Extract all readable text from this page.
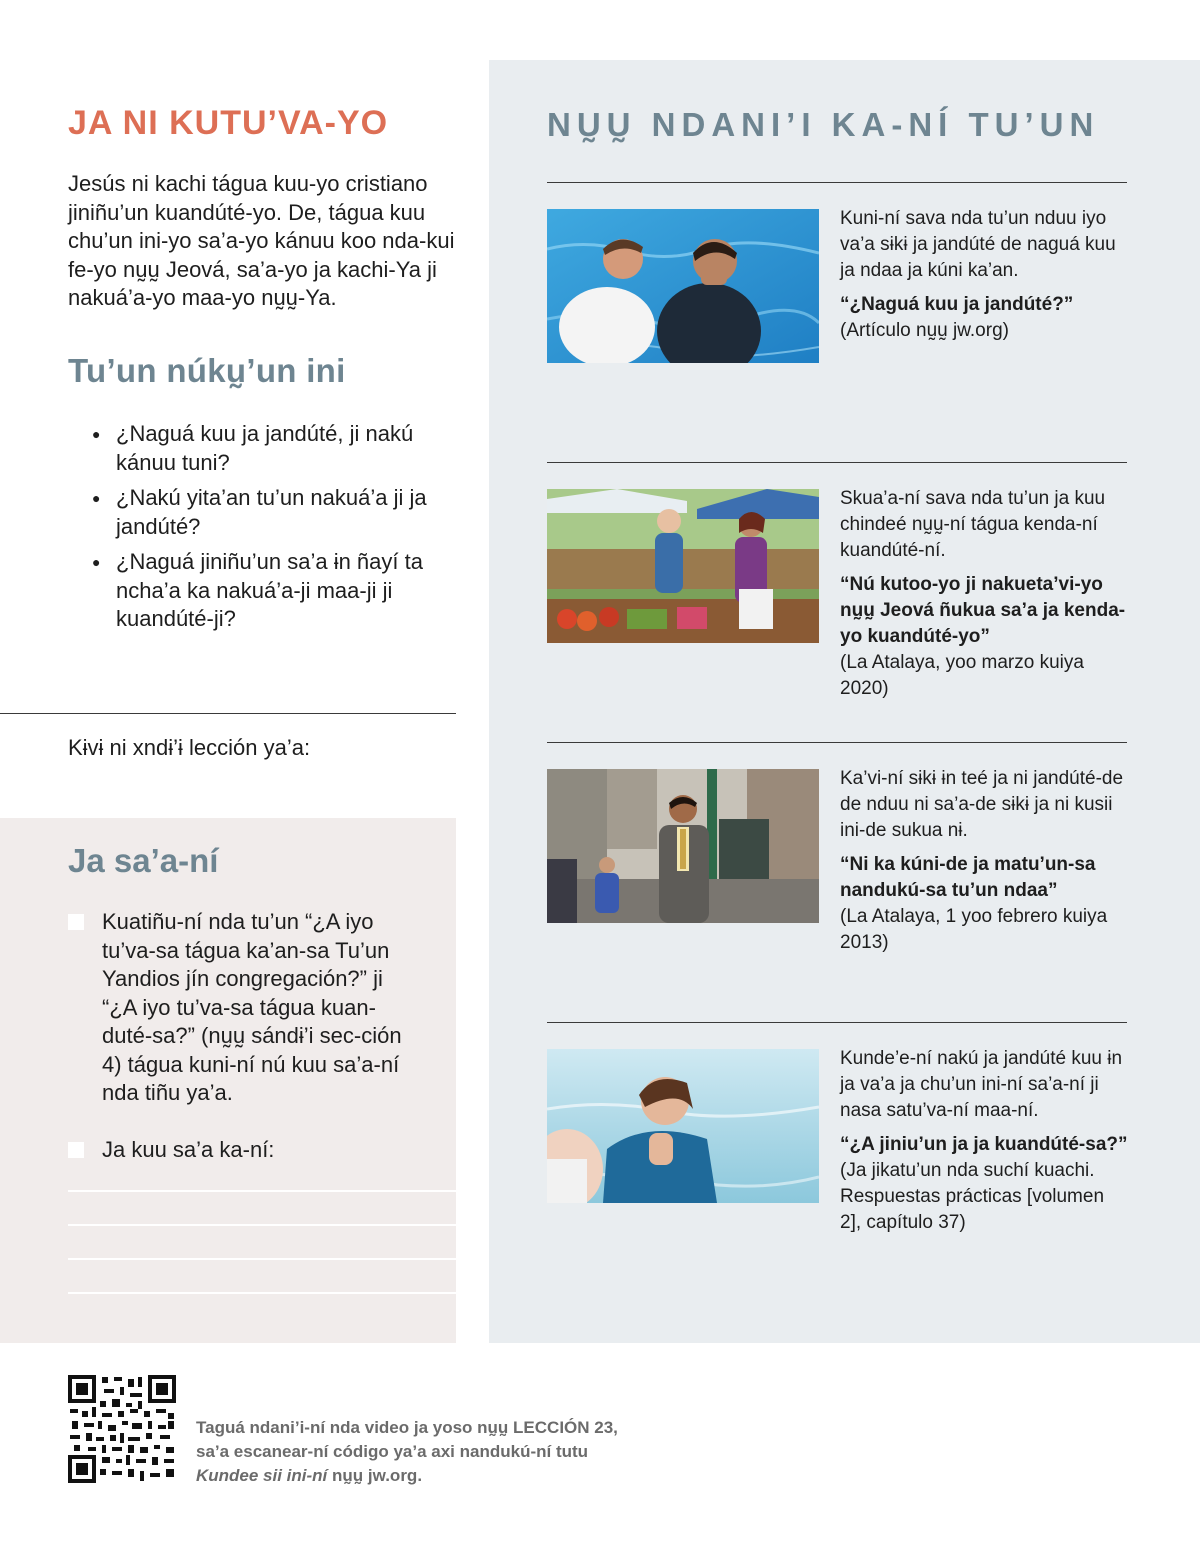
JA NI KUTU’VA-YO
Jesús ni kachi tágua kuu-yo cristiano jiniñu’un kuandúté-yo. De, tágua kuu chu’un ini-yo sa’a-yo kánuu koo nda-kui fe-yo nṵṵ Jeová, sa’a-yo ja kachi-Ya ji nakuá’a-yo maa-yo nṵṵ-Ya.
Tu’un núkṵ’un ini
● ¿Naguá kuu ja jandúté, ji nakú kánuu tuni?
● ¿Nakú yita’an tu’un nakuá’a ji ja jandúté?
● ¿Naguá jiniñu’un sa’a ɨn ñayí ta ncha’a ka nakuá’a-ji maa-ji ji kuandúté-ji?
Kɨvɨ ni xndɨ’ɨ lección ya’a:
Ja sa’a-ní
Kuatiñu-ní nda tu’un “¿A iyo tu’va-sa tágua ka’an-sa Tu’un Yandios jín congregación?” ji “¿A iyo tu’va-sa tágua kuan-duté-sa?” (nṵṵ sándɨ’i sec-ción 4) tágua kuni-ní nú kuu sa’a-ní nda tiñu ya’a.
Ja kuu sa’a ka-ní:
NṴṴ NDANI’I KA-NÍ TU’UN
Kuni-ní sava nda tu’un nduu iyo va’a sɨkɨ ja jandúté de naguá kuu ja ndaa ja kúni ka’an.
“¿Naguá kuu ja jandúté?”
(Artículo nṵṵ jw.org)
Skua’a-ní sava nda tu’un ja kuu chindeé nṵṵ-ní tágua kenda-ní kuandúté-ní.
“Nú kutoo-yo ji nakueta’vi-yo nṵṵ Jeová ñukua sa’a ja kenda-yo kuandúté-yo”
(La Atalaya, yoo marzo kuiya 2020)
Ka’vi-ní sɨkɨ ɨn teé ja ni jandúté-de de nduu ni sa’a-de sɨkɨ ja ni kusii ini-de sukua nɨ.
“Ni ka kúni-de ja matu’un-sa nandukú-sa tu’un ndaa”
(La Atalaya, 1 yoo febrero kuiya 2013)
Kunde’e-ní nakú ja jandúté kuu ɨn ja va’a ja chu’un ini-ní sa’a-ní ji nasa satu’va-ní maa-ní.
“¿A jiniu’un ja ja kuandúté-sa?”
(Ja jikatu’un nda suchí kuachi. Respuestas prácticas [volumen 2], capítulo 37)
Taguá ndani’i-ní nda video ja yoso nṵṵ LECCIÓN 23,
sa’a escanear-ní código ya’a axi nandukú-ní tutu
Kundee sii ini-ní nṵṵ jw.org.
